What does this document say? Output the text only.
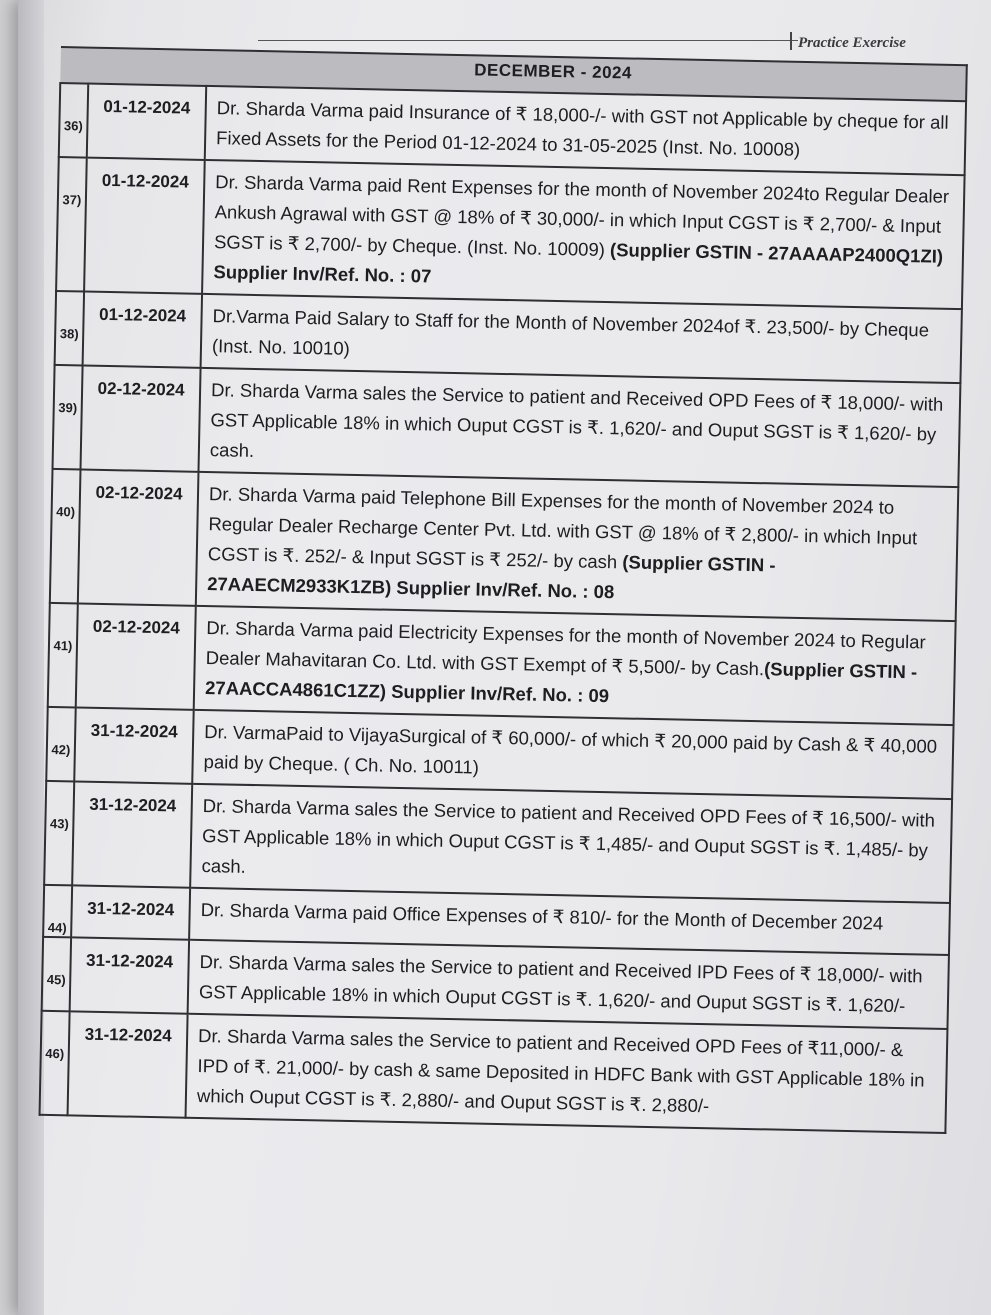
Practice Exercise
DECEMBER - 2024		
36)	01-12-2024	Dr. Sharda Varma paid Insurance of ₹ 18,000-/- with GST not Applicable by cheque for all Fixed Assets for the Period 01-12-2024 to 31-05-2025 (Inst. No. 10008)
37)	01-12-2024	Dr. Sharda Varma paid Rent Expenses for the month of November 2024to Regular Dealer Ankush Agrawal with GST @ 18% of ₹ 30,000/- in which Input CGST is ₹ 2,700/- & Input SGST is ₹ 2,700/- by Cheque. (Inst. No. 10009) (Supplier GSTIN - 27AAAAP2400Q1ZI) Supplier Inv/Ref. No. : 07
38)	01-12-2024	Dr.Varma Paid Salary to Staff for the Month of November 2024of ₹. 23,500/- by Cheque (Inst. No. 10010)
39)	02-12-2024	Dr. Sharda Varma sales the Service to patient and Received OPD Fees of ₹ 18,000/- with GST Applicable 18% in which Ouput CGST is ₹. 1,620/- and Ouput SGST is ₹ 1,620/- by cash.
40)	02-12-2024	Dr. Sharda Varma paid Telephone Bill Expenses for the month of November 2024 to Regular Dealer Recharge Center Pvt. Ltd. with GST @ 18% of ₹ 2,800/- in which Input CGST is ₹. 252/- & Input SGST is ₹ 252/- by cash (Supplier GSTIN - 27AAECM2933K1ZB) Supplier Inv/Ref. No. : 08
41)	02-12-2024	Dr. Sharda Varma paid Electricity Expenses for the month of November 2024 to Regular Dealer Mahavitaran Co. Ltd. with GST Exempt of ₹ 5,500/- by Cash.(Supplier GSTIN - 27AACCA4861C1ZZ) Supplier Inv/Ref. No. : 09
42)	31-12-2024	Dr. VarmaPaid to VijayaSurgical of ₹ 60,000/- of which ₹ 20,000 paid by Cash & ₹ 40,000 paid by Cheque. ( Ch. No. 10011)
43)	31-12-2024	Dr. Sharda Varma sales the Service to patient and Received OPD Fees of ₹ 16,500/- with GST Applicable 18% in which Ouput CGST is ₹ 1,485/- and Ouput SGST is ₹. 1,485/- by cash.
44)	31-12-2024	Dr. Sharda Varma paid Office Expenses of ₹ 810/- for the Month of December 2024
45)	31-12-2024	Dr. Sharda Varma sales the Service to patient and Received IPD Fees of ₹ 18,000/- with GST Applicable 18% in which Ouput CGST is ₹. 1,620/- and Ouput SGST is ₹. 1,620/-
46)	31-12-2024	Dr. Sharda Varma sales the Service to patient and Received OPD Fees of ₹11,000/- & IPD of ₹. 21,000/- by cash & same Deposited in HDFC Bank with GST Applicable 18% in which Ouput CGST is ₹. 2,880/- and Ouput SGST is ₹. 2,880/-
